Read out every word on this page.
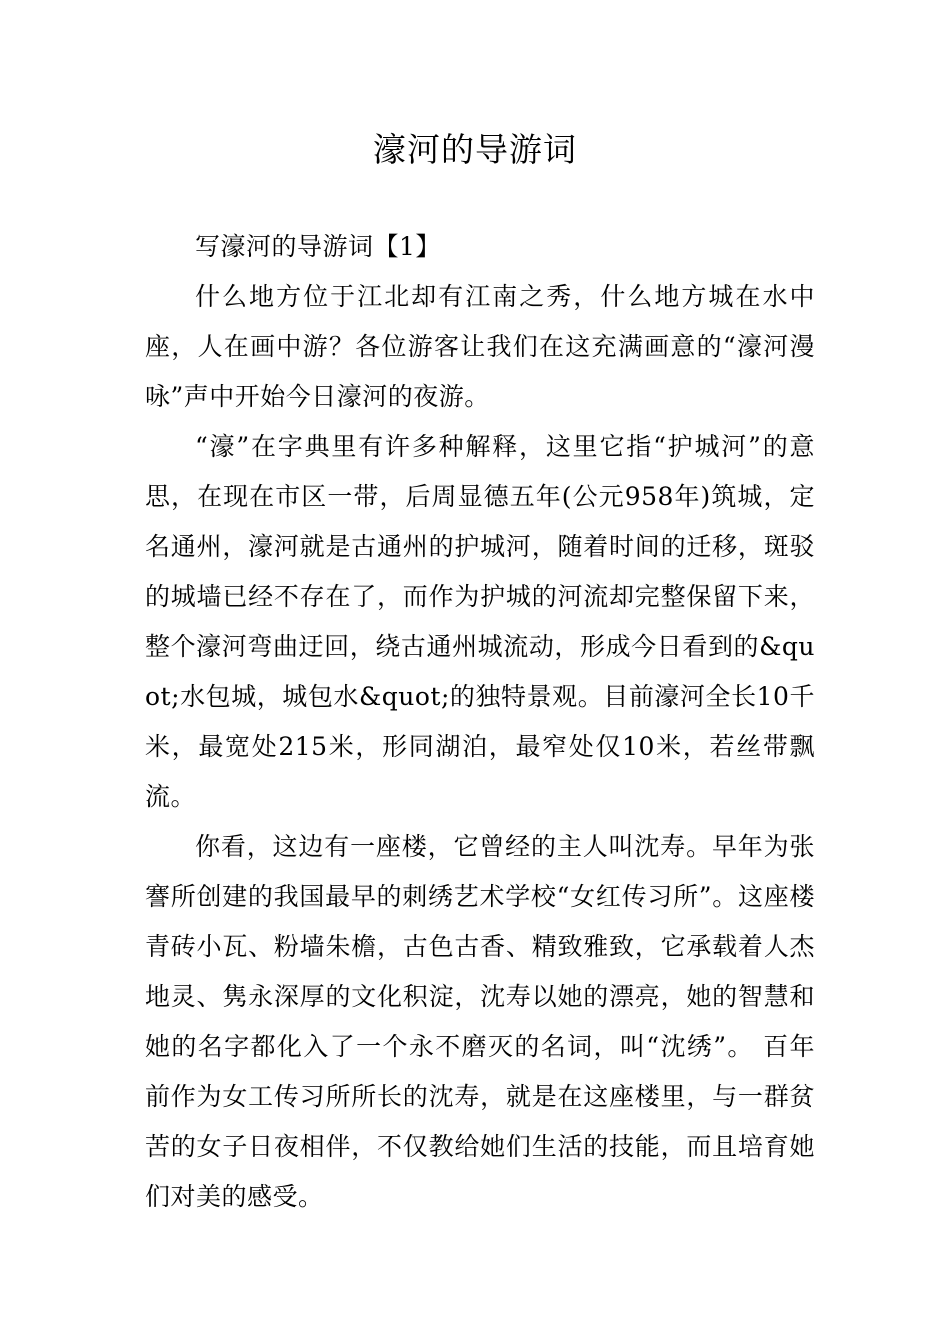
濠河的导游词

写濠河的导游词【1】

什么地方位于江北却有江南之秀，什么地方城在水中座，人在画中游？各位游客让我们在这充满画意的“濠河漫咏”声中开始今日濠河的夜游。

“濠”在字典里有许多种解释，这里它指“护城河”的意思，在现在市区一带，后周显德五年(公元958年)筑城，定名通州，濠河就是古通州的护城河，随着时间的迁移，斑驳的城墙已经不存在了，而作为护城的河流却完整保留下来，整个濠河弯曲迂回，绕古通州城流动，形成今日看到的&quot;水包城，城包水&quot;的独特景观。目前濠河全长10千米，最宽处215米，形同湖泊，最窄处仅10米，若丝带飘流。

你看，这边有一座楼，它曾经的主人叫沈寿。早年为张謇所创建的我国最早的刺绣艺术学校“女红传习所”。这座楼青砖小瓦、粉墙朱檐，古色古香、精致雅致，它承载着人杰地灵、隽永深厚的文化积淀，沈寿以她的漂亮，她的智慧和她的名字都化入了一个永不磨灭的名词，叫“沈绣”。 百年前作为女工传习所所长的沈寿，就是在这座楼里，与一群贫苦的女子日夜相伴，不仅教给她们生活的技能，而且培育她们对美的感受。
